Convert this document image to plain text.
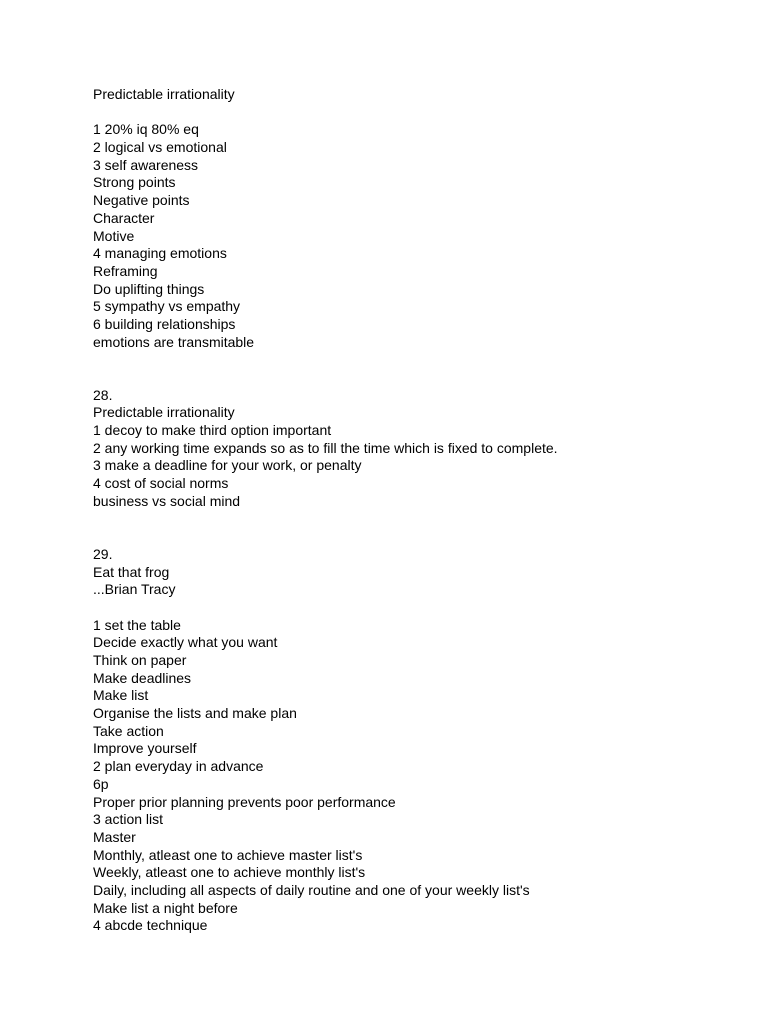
Predictable irrationality
1 20% iq 80% eq
2 logical vs emotional
3 self awareness
Strong points
Negative points
Character
Motive
4 managing emotions
Reframing
Do uplifting things
5 sympathy vs empathy
6 building relationships
emotions are transmitable
28.
Predictable irrationality
1 decoy to make third option important
2 any working time expands so as to fill the time which is fixed to complete.
3 make a deadline for your work, or penalty
4 cost of social norms
business vs social mind
29.
Eat that frog
...Brian Tracy
1 set the table
Decide exactly what you want
Think on paper
Make deadlines
Make list
Organise the lists and make plan
Take action
Improve yourself
2 plan everyday in advance
6p
Proper prior planning prevents poor performance
3 action list
Master
Monthly, atleast one to achieve master list's
Weekly, atleast one to achieve monthly list's
Daily, including all aspects of daily routine and one of your weekly list's
Make list a night before
4 abcde technique
